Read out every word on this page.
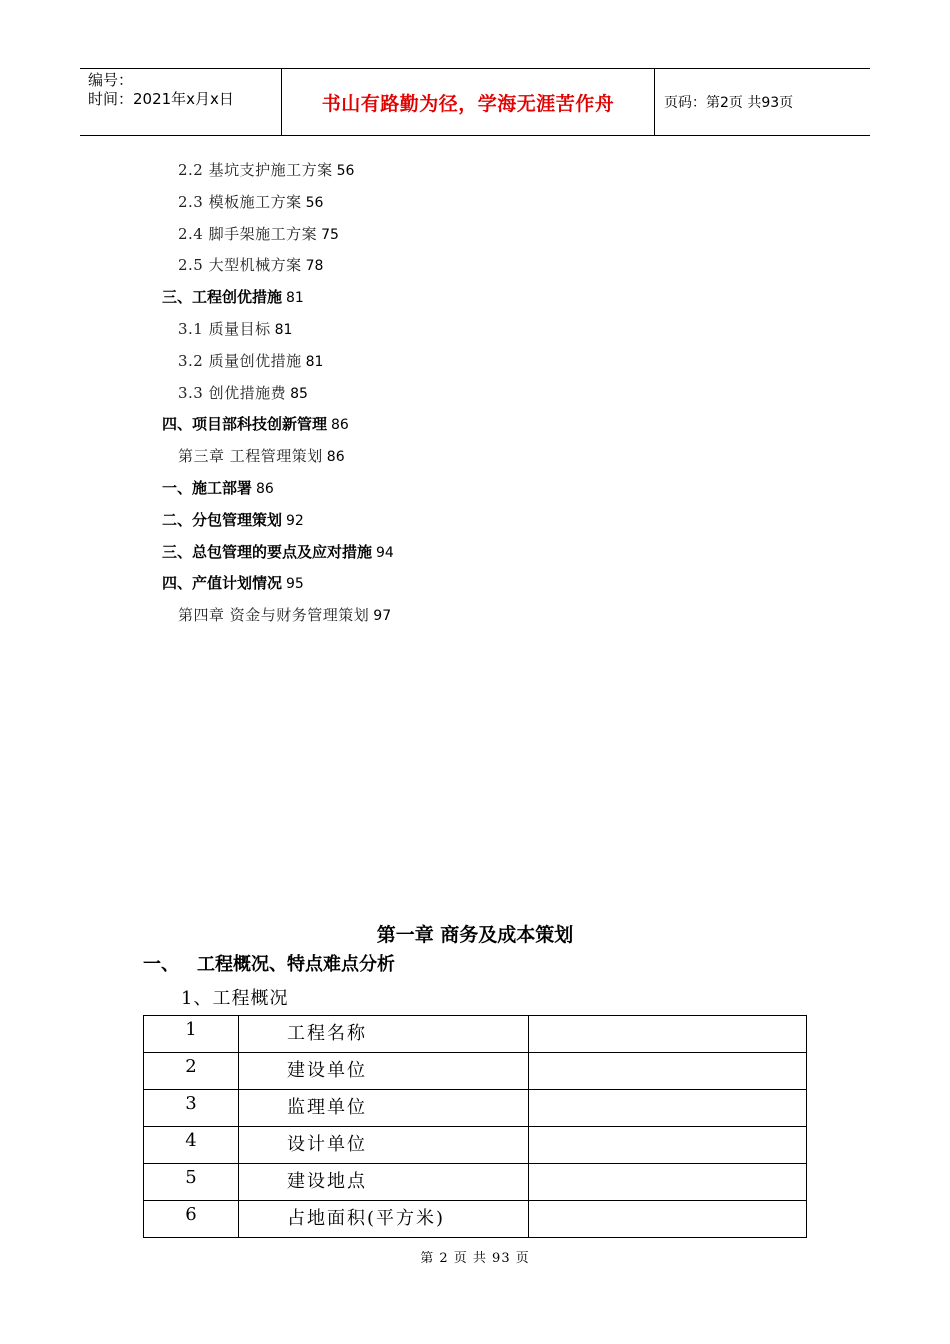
编号：
时间：2021年x月x日	书山有路勤为径，学海无涯苦作舟	页码：第2页 共93页
2.2 基坑支护施工方案 56
2.3 模板施工方案 56
2.4 脚手架施工方案 75
2.5 大型机械方案 78
三、工程创优措施 81
3.1 质量目标 81
3.2 质量创优措施 81
3.3 创优措施费 85
四、项目部科技创新管理 86
第三章 工程管理策划 86
一、施工部署 86
二、分包管理策划 92
三、总包管理的要点及应对措施 94
四、产值计划情况 95
第四章 资金与财务管理策划 97
第一章 商务及成本策划
一、 工程概况、特点难点分析
1、工程概况
1	工程名称	
2	建设单位	
3	监理单位	
4	设计单位	
5	建设地点	
6	占地面积(平方米)	
第 2 页 共 93 页
